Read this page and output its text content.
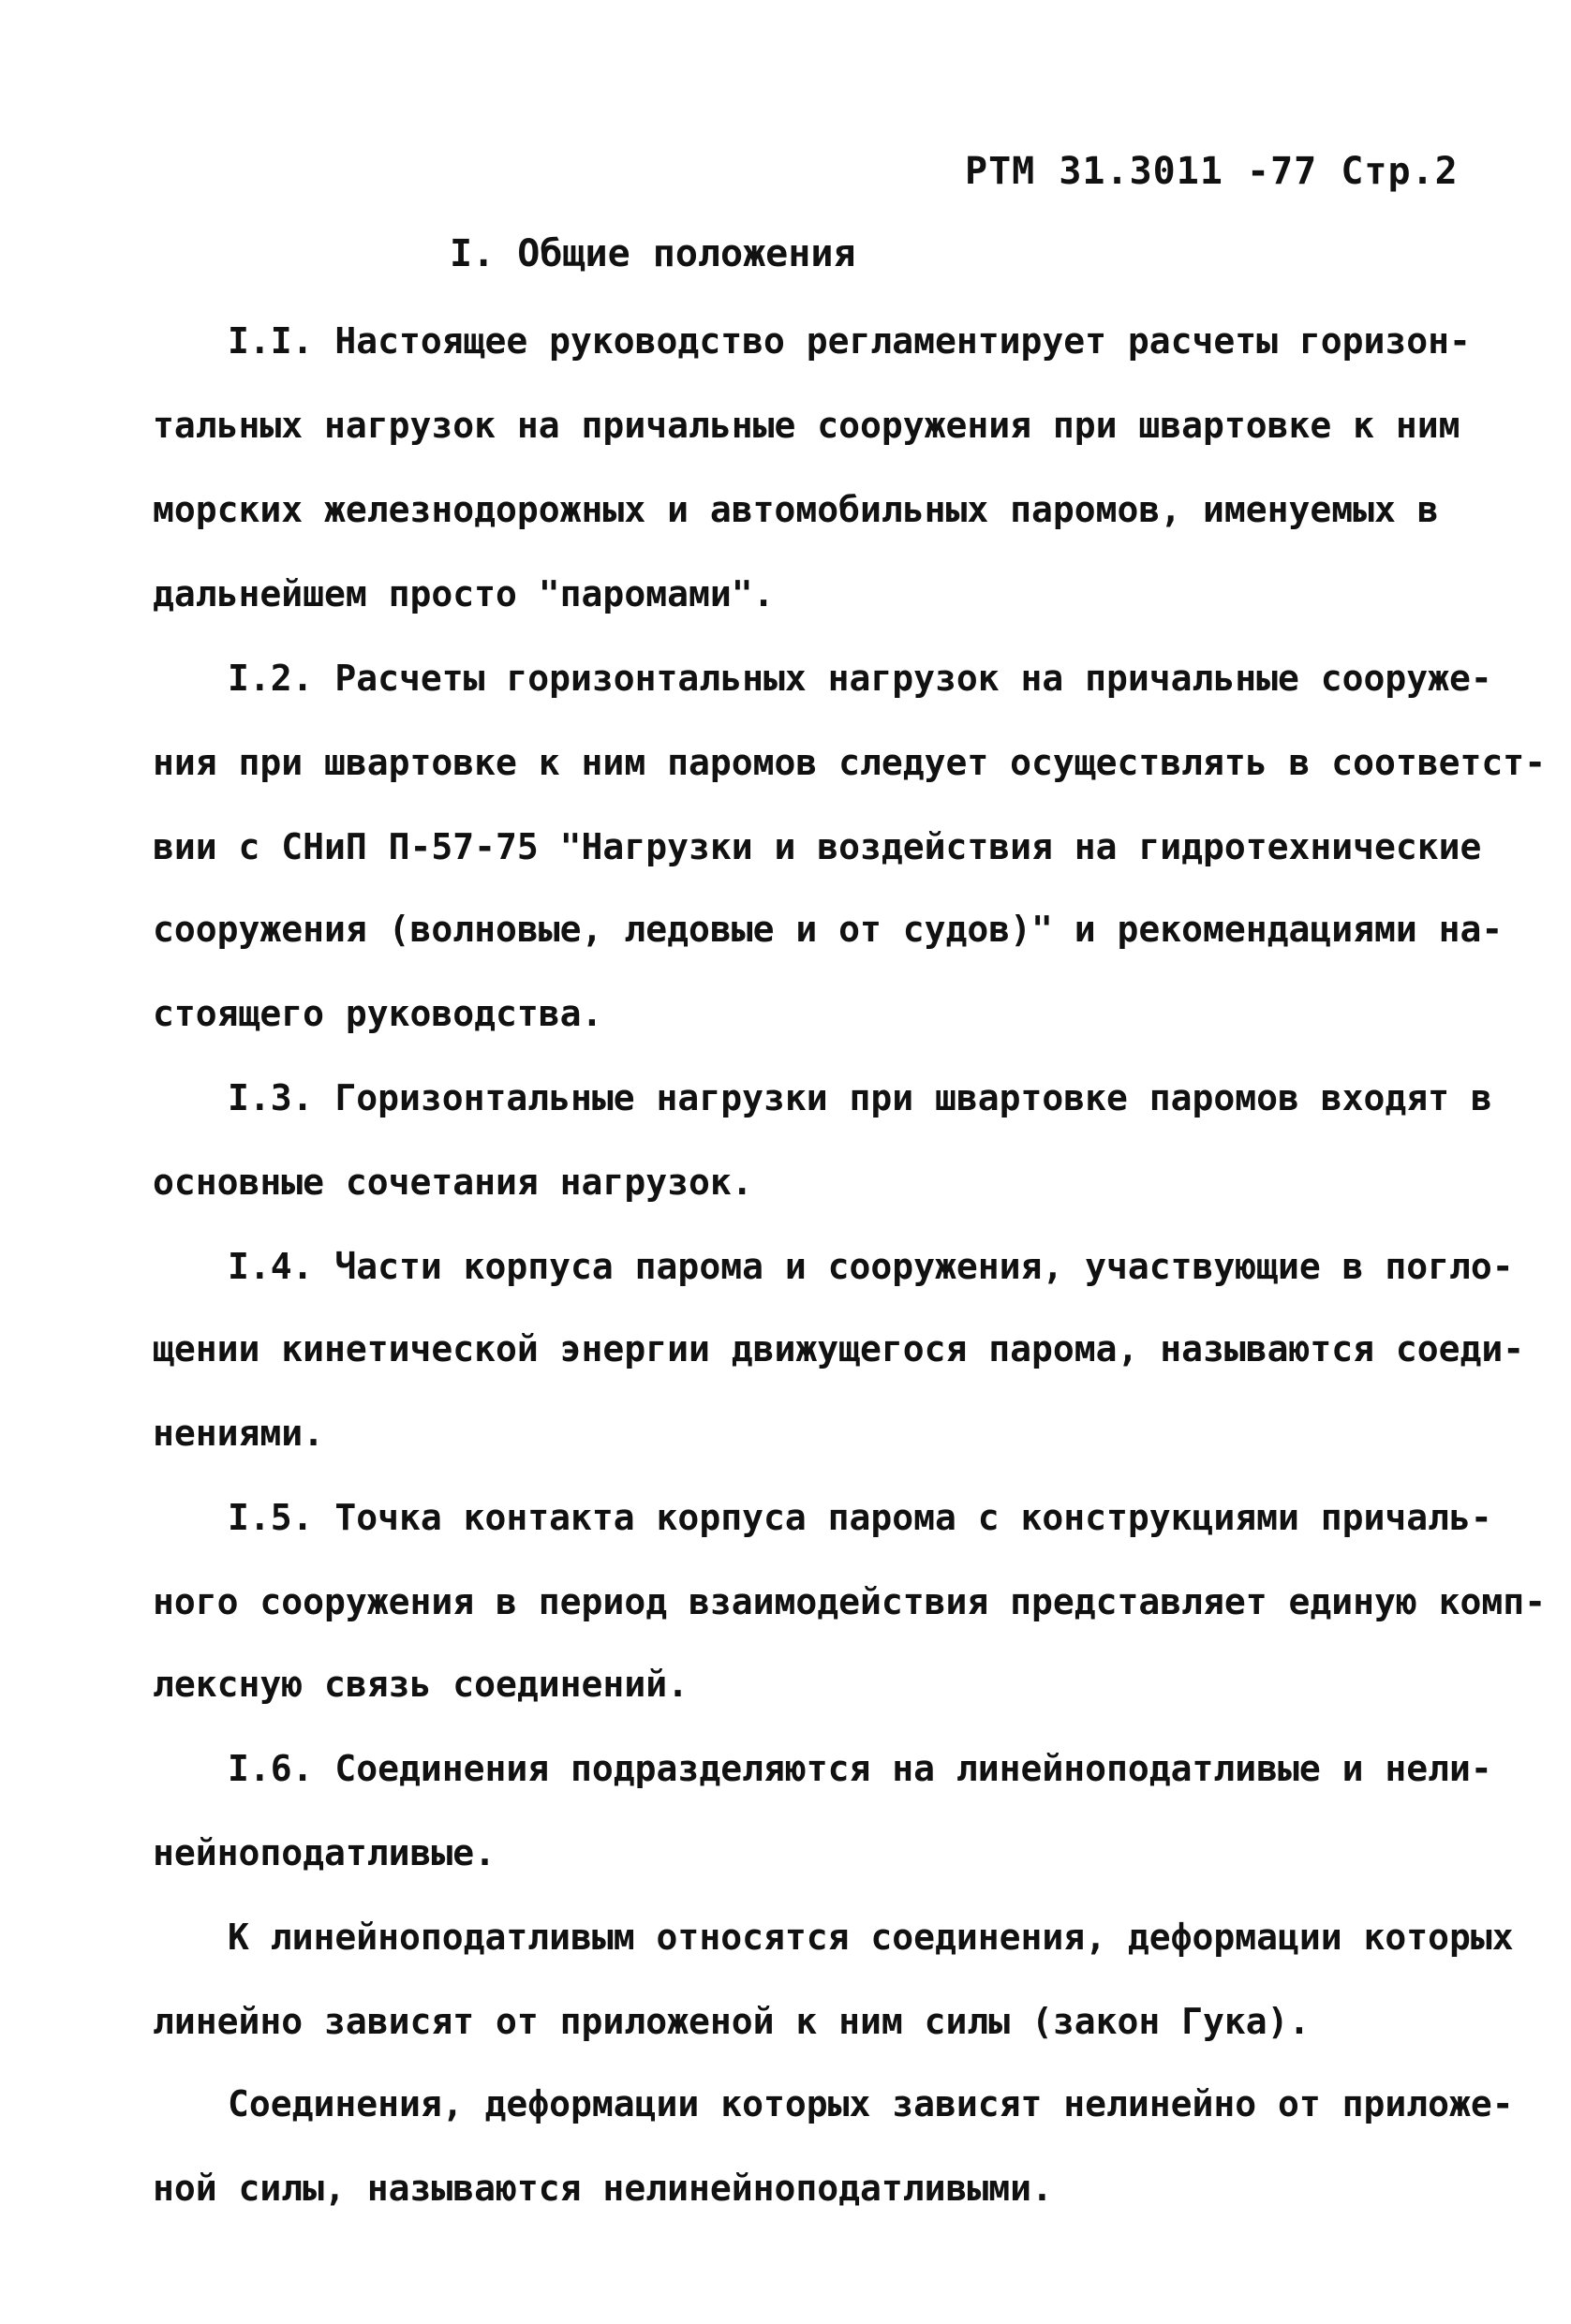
РТМ 31.3011 -77 Стр.2
I. Общие положения
I.I. Настоящее руководство регламентирует расчеты горизон-
тальных нагрузок на причальные сооружения при швартовке к ним
морских железнодорожных и автомобильных паромов, именуемых в
дальнейшем просто "паромами".
I.2. Расчеты горизонтальных нагрузок на причальные сооруже-
ния при швартовке к ним паромов следует осуществлять в соответст-
вии с СНиП П-57-75 "Нагрузки и воздействия на гидротехнические
сооружения (волновые, ледовые и от судов)" и рекомендациями на-
стоящего руководства.
I.3. Горизонтальные нагрузки при швартовке паромов входят в
основные сочетания нагрузок.
I.4. Части корпуса парома и сооружения, участвующие в погло-
щении кинетической энергии движущегося парома, называются соеди-
нениями.
I.5. Точка контакта корпуса парома с конструкциями причаль-
ного сооружения в период взаимодействия представляет единую комп-
лексную связь соединений.
I.6. Соединения подразделяются на линейноподатливые и нели-
нейноподатливые.
К линейноподатливым относятся соединения, деформации которых
линейно зависят от приложеной к ним силы (закон Гука).
Соединения, деформации которых зависят нелинейно от приложе-
ной силы, называются нелинейноподатливыми.
